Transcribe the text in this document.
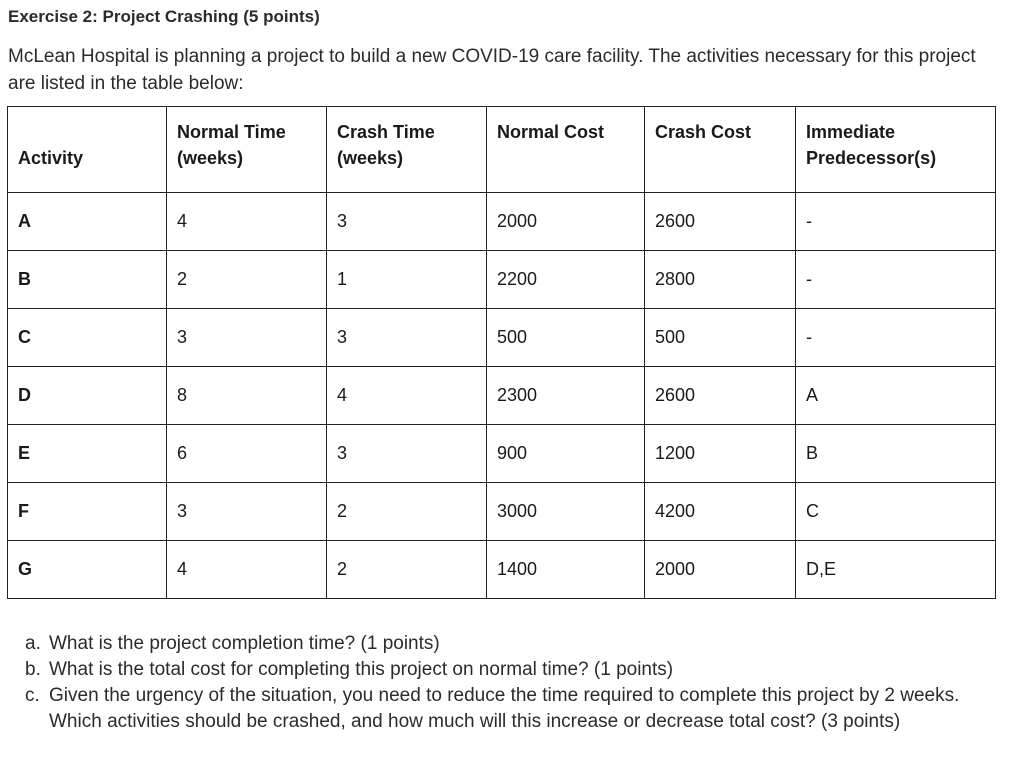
Exercise 2: Project Crashing (5 points)
McLean Hospital is planning a project to build a new COVID-19 care facility. The activities necessary for this project are listed in the table below:
Activity	Normal Time (weeks)	Crash Time (weeks)	Normal Cost	Crash Cost	Immediate Predecessor(s)
A	4	3	2000	2600	-
B	2	1	2200	2800	-
C	3	3	500	500	-
D	8	4	2300	2600	A
E	6	3	900	1200	B
F	3	2	3000	4200	C
G	4	2	1400	2000	D,E
a. What is the project completion time? (1 points)
b. What is the total cost for completing this project on normal time? (1 points)
c. Given the urgency of the situation, you need to reduce the time required to complete this project by 2 weeks. Which activities should be crashed, and how much will this increase or decrease total cost? (3 points)
